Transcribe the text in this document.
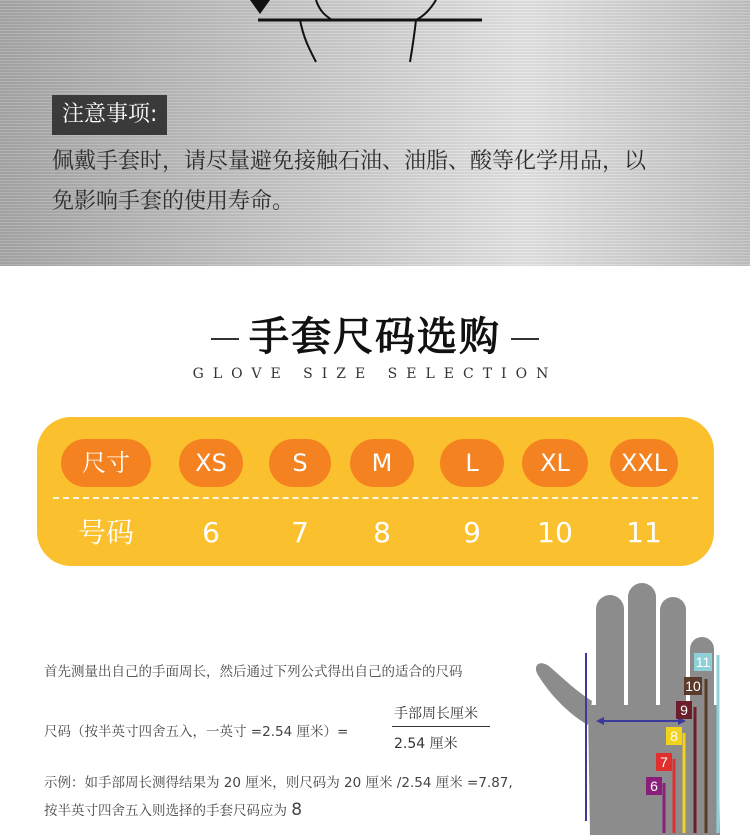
注意事项:
佩戴手套时，请尽量避免接触石油、油脂、酸等化学用品，以
免影响手套的使用寿命。
手套尺码选购
GLOVE SIZE SELECTION
尺寸	XS	S	M	L	XL	XXL
号码	6	7	8	9	10	11
首先测量出自己的手面周长，然后通过下列公式得出自己的适合的尺码
尺码（按半英寸四舍五入，一英寸 =2.54 厘米）=
手部周长厘米
2.54 厘米
示例：如手部周长测得结果为 20 厘米，则尺码为 20 厘米 /2.54 厘米 =7.87,
按半英寸四舍五入则选择的手套尺码应为 8
11
10
9
8
7
6
